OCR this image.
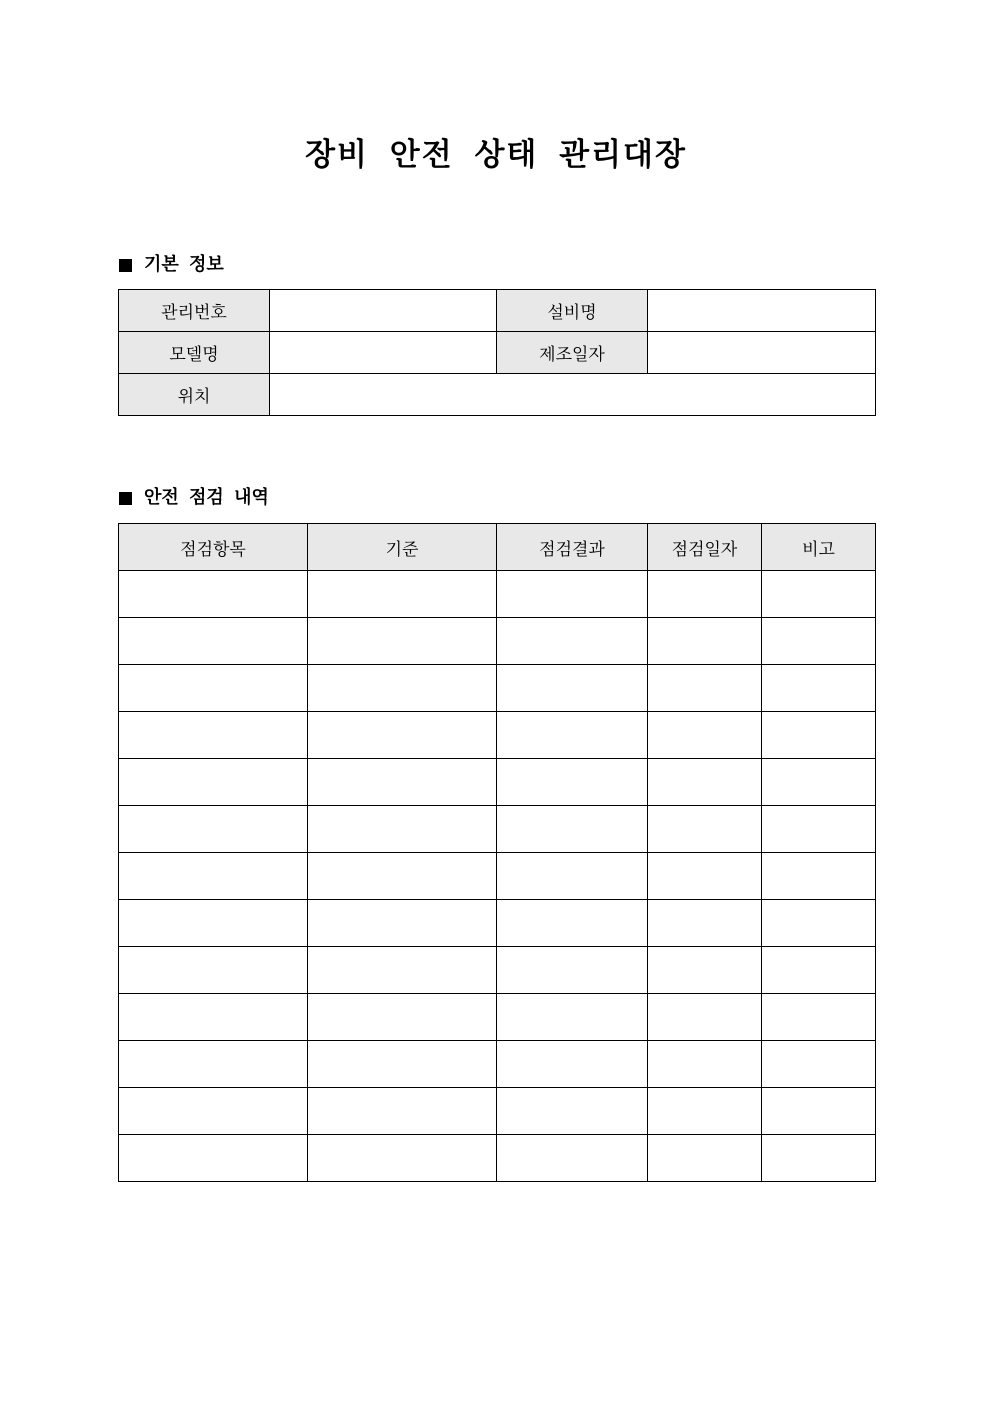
장비 안전 상태 관리대장
기본 정보
관리번호		설비명	
모델명		제조일자	
위치			
안전 점검 내역
점검항목	기준	점검결과	점검일자	비고
